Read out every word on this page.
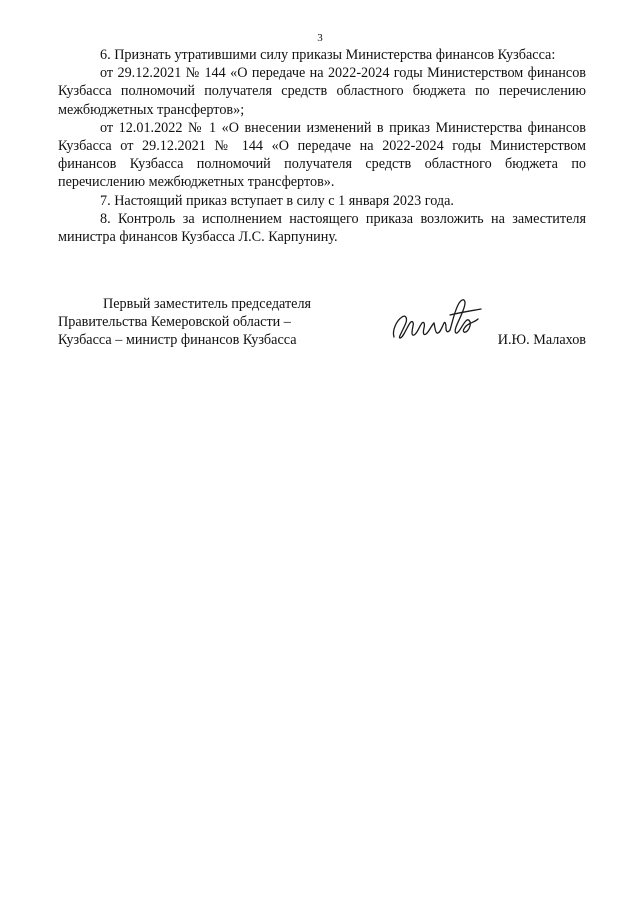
3

6. Признать утратившими силу приказы Министерства финансов Кузбасса:

от 29.12.2021 № 144 «О передаче на 2022-2024 годы Министерством финансов Кузбасса полномочий получателя средств областного бюджета по перечислению межбюджетных трансфертов»;

от 12.01.2022 № 1 «О внесении изменений в приказ Министерства финансов Кузбасса от 29.12.2021 № 144 «О передаче на 2022-2024 годы Министерством финансов Кузбасса полномочий получателя средств областного бюджета по перечислению межбюджетных трансфертов».

7. Настоящий приказ вступает в силу с 1 января 2023 года.

8. Контроль за исполнением настоящего приказа возложить на заместителя министра финансов Кузбасса Л.С. Карпунину.

Первый заместитель председателя
Правительства Кемеровской области –
Кузбасса – министр финансов Кузбасса	И.Ю. Малахов
